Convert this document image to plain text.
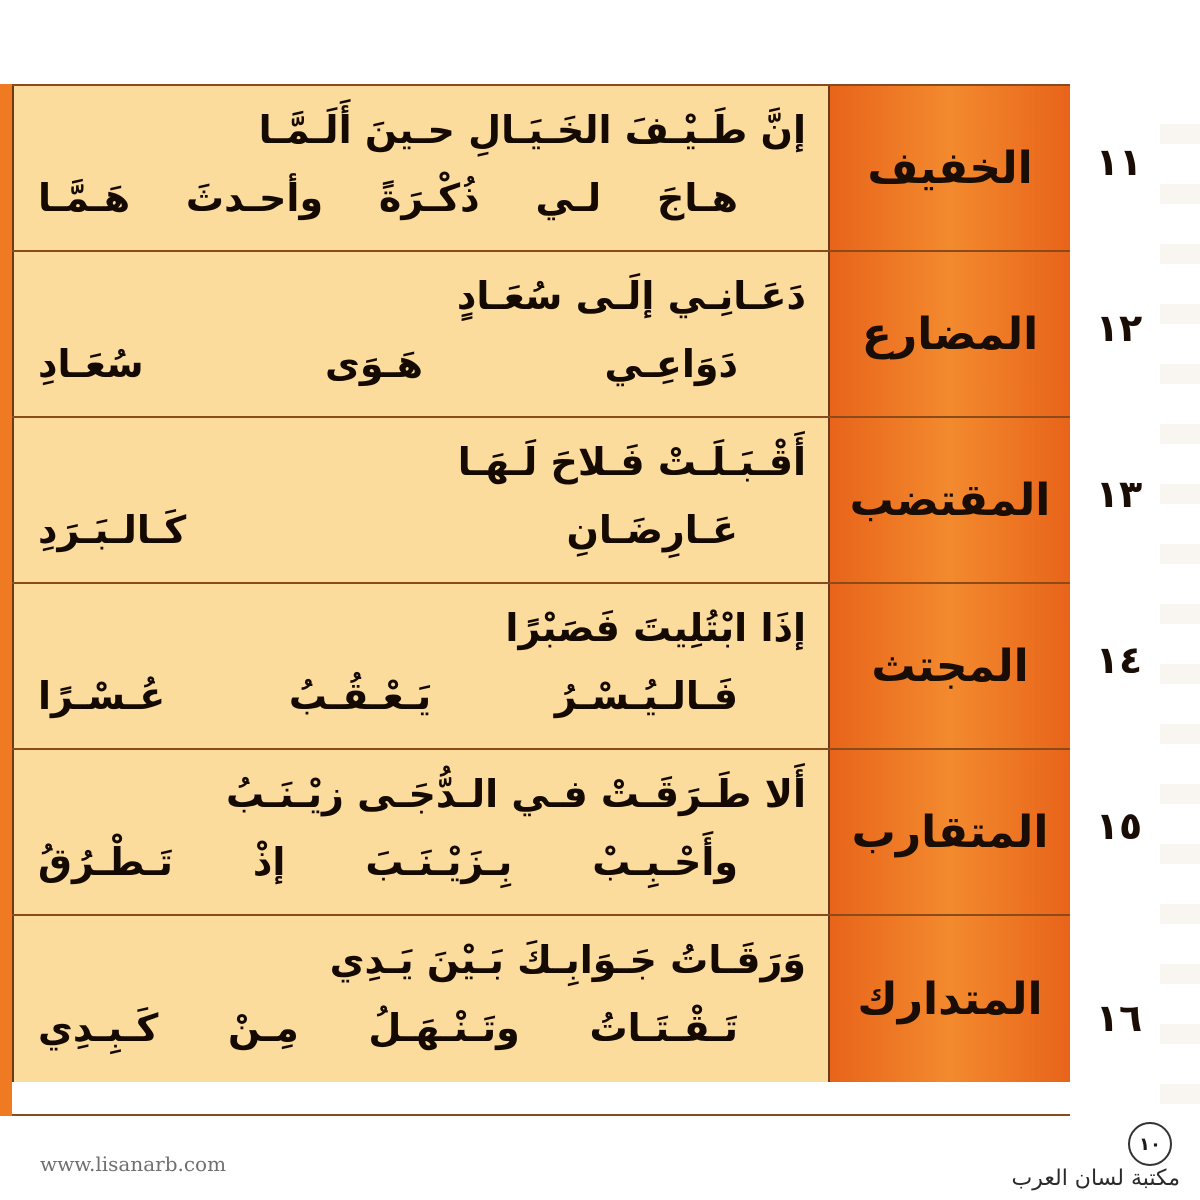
إنَّ طَـيْـفَ الخَـيَـالِ حـينَ أَلَـمَّـا
هـاجَ لـي ذُكْـرَةً وأحـدثَ هَـمَّـا
الخفيف
دَعَـانِـي إلَـى سُعَـادٍ
دَوَاعِـي هَـوَى سُعَـادِ
المضارع
أَقْـبَـلَـتْ فَـلاحَ لَـهَـا
عَـارِضَـانِ كَـالـبَـرَدِ
المقتضب
إذَا ابْتُلِيتَ فَصَبْرًا
فَـالـيُـسْـرُ يَـعْـقُـبُ عُـسْـرًا
المجتث
أَلا طَـرَقَـتْ فـي الـدُّجَـى زيْـنَـبُ
وأَحْـبِـبْ بِـزَيْـنَـبَ إذْ تَـطْـرُقُ
المتقارب
وَرَقَـاتُ جَـوَابِـكَ بَـيْنَ يَـدِي
تَـقْـتَـاتُ وتَـنْـهَـلُ مِـنْ كَـبِـدِي
المتدارك
١١
١٢
١٣
١٤
١٥
١٦
www.lisanarb.com
١٠
مكتبة لسان العرب
